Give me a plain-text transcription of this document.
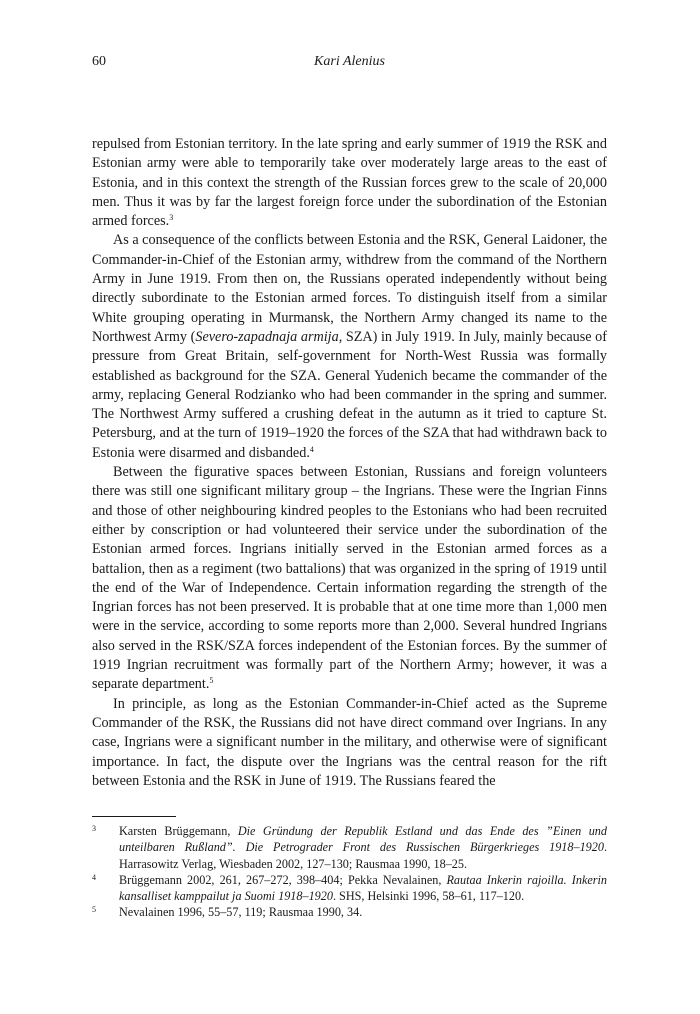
60	Kari Alenius

repulsed from Estonian territory. In the late spring and early summer of 1919 the RSK and Estonian army were able to temporarily take over moderately large areas to the east of Estonia, and in this context the strength of the Russian forces grew to the scale of 20,000 men. Thus it was by far the largest foreign force under the subordination of the Estonian armed forces.$^3$

As a consequence of the conflicts between Estonia and the RSK, General Laidoner, the Commander-in-Chief of the Estonian army, withdrew from the command of the Northern Army in June 1919. From then on, the Russians operated independently without being directly subordinate to the Estonian armed forces. To distinguish itself from a similar White grouping operating in Murmansk, the Northern Army changed its name to the Northwest Army (Severo-zapadnaja armija, SZA) in July 1919. In July, mainly because of pressure from Great Britain, self-government for North-West Russia was formally established as background for the SZA. General Yudenich became the commander of the army, replacing General Rodzianko who had been commander in the spring and summer. The Northwest Army suffered a crushing defeat in the autumn as it tried to capture St. Petersburg, and at the turn of 1919–1920 the forces of the SZA that had withdrawn back to Estonia were disarmed and disbanded.$^4$

Between the figurative spaces between Estonian, Russians and foreign volunteers there was still one significant military group – the Ingrians. These were the Ingrian Finns and those of other neighbouring kindred peoples to the Estonians who had been recruited either by conscription or had volunteered their service under the subordination of the Estonian armed forces. Ingrians initially served in the Estonian armed forces as a battalion, then as a regiment (two battalions) that was organized in the spring of 1919 until the end of the War of Independence. Certain information regarding the strength of the Ingrian forces has not been preserved. It is probable that at one time more than 1,000 men were in the service, according to some reports more than 2,000. Several hundred Ingrians also served in the RSK/SZA forces independent of the Estonian forces. By the summer of 1919 Ingrian recruitment was formally part of the Northern Army; however, it was a separate department.$^5$

In principle, as long as the Estonian Commander-in-Chief acted as the Supreme Commander of the RSK, the Russians did not have direct command over Ingrians. In any case, Ingrians were a significant number in the military, and otherwise were of significant importance. In fact, the dispute over the Ingrians was the central reason for the rift between Estonia and the RSK in June of 1919. The Russians feared the

3 Karsten Brüggemann, Die Gründung der Republik Estland und das Ende des ”Einen und unteilbaren Rußland”. Die Petrograder Front des Russischen Bürgerkrieges 1918–1920. Harrasowitz Verlag, Wiesbaden 2002, 127–130; Rausmaa 1990, 18–25.
4 Brüggemann 2002, 261, 267–272, 398–404; Pekka Nevalainen, Rautaa Inkerin rajoilla. Inkerin kansalliset kamppailut ja Suomi 1918–1920. SHS, Helsinki 1996, 58–61, 117–120.
5 Nevalainen 1996, 55–57, 119; Rausmaa 1990, 34.
